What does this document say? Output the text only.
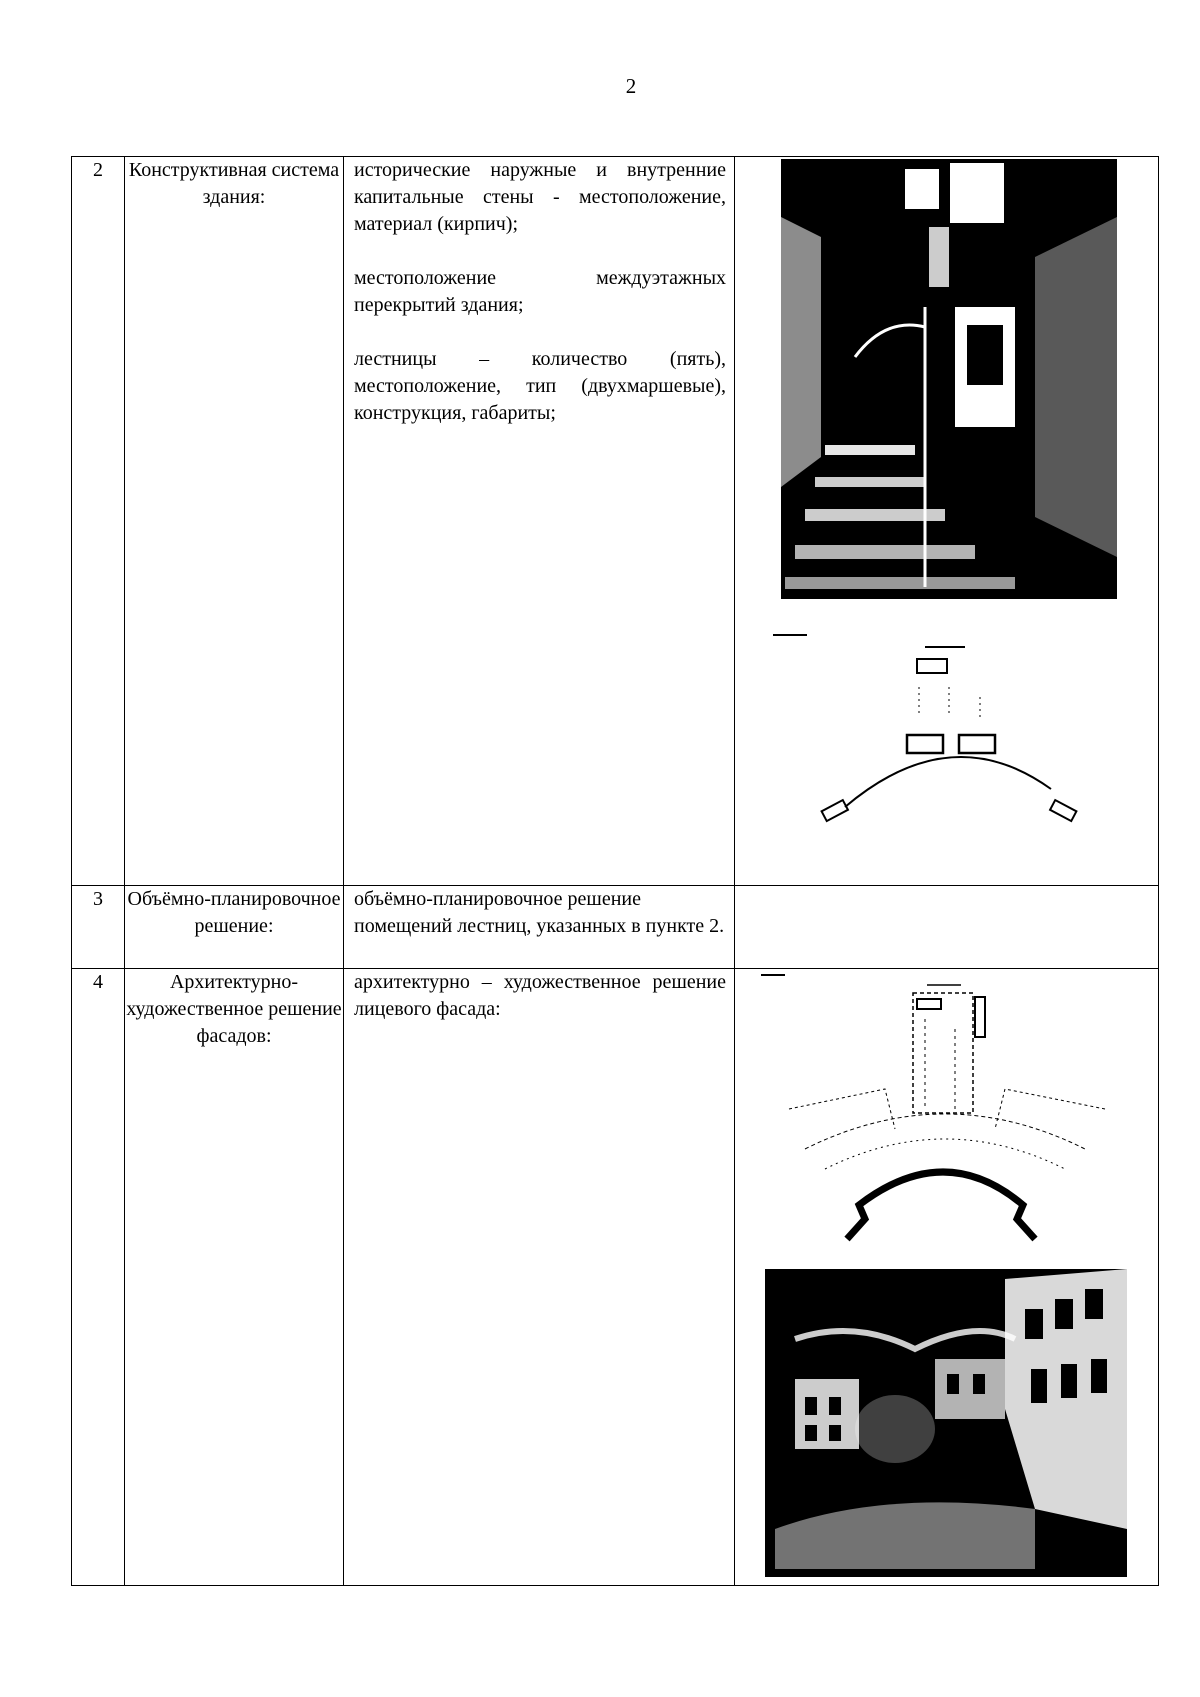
2
2	Конструктивная система здания:	исторические наружные и внутренние капитальные стены - местоположение, материал (кирпич);
местоположение междуэтажных перекрытий здания;
лестницы – количество (пять), местоположение, тип (двухмаршевые), конструкция, габариты;

3	Объёмно-планировочное решение:	объёмно-планировочное решение помещений лестниц, указанных в пункте 2.	

4	Архитектурно-художественное решение фасадов:	архитектурно – художественное решение лицевого фасада:
